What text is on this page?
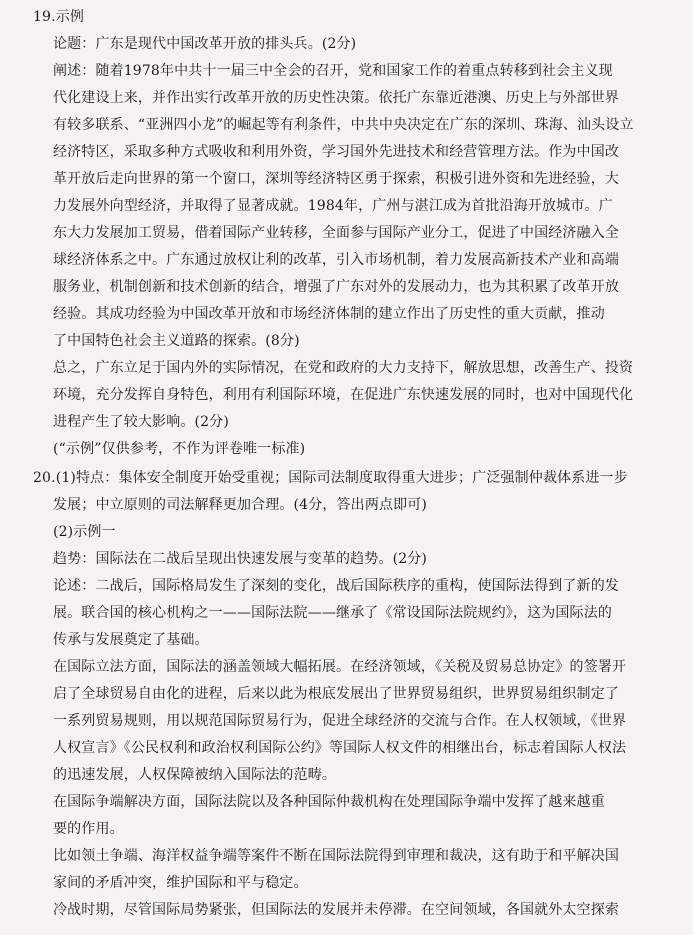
19.示例
论题：广东是现代中国改革开放的排头兵。(2分)
阐述：随着1978年中共十一届三中全会的召开，党和国家工作的着重点转移到社会主义现
代化建设上来，并作出实行改革开放的历史性决策。依托广东靠近港澳、历史上与外部世界
有较多联系、“亚洲四小龙”的崛起等有利条件，中共中央决定在广东的深圳、珠海、汕头设立
经济特区，采取多种方式吸收和利用外资，学习国外先进技术和经营管理方法。作为中国改
革开放后走向世界的第一个窗口，深圳等经济特区勇于探索，积极引进外资和先进经验，大
力发展外向型经济，并取得了显著成就。1984年，广州与湛江成为首批沿海开放城市。广
东大力发展加工贸易，借着国际产业转移，全面参与国际产业分工，促进了中国经济融入全
球经济体系之中。广东通过放权让利的改革，引入市场机制，着力发展高新技术产业和高端
服务业，机制创新和技术创新的结合，增强了广东对外的发展动力，也为其积累了改革开放
经验。其成功经验为中国改革开放和市场经济体制的建立作出了历史性的重大贡献，推动
了中国特色社会主义道路的探索。(8分)
总之，广东立足于国内外的实际情况，在党和政府的大力支持下，解放思想，改善生产、投资
环境，充分发挥自身特色，利用有利国际环境，在促进广东快速发展的同时，也对中国现代化
进程产生了较大影响。(2分)
(“示例”仅供参考，不作为评卷唯一标准)
20.(1)特点：集体安全制度开始受重视；国际司法制度取得重大进步；广泛强制仲裁体系进一步
发展；中立原则的司法解释更加合理。(4分，答出两点即可)
(2)示例一
趋势：国际法在二战后呈现出快速发展与变革的趋势。(2分)
论述：二战后，国际格局发生了深刻的变化，战后国际秩序的重构，使国际法得到了新的发
展。联合国的核心机构之一——国际法院——继承了《常设国际法院规约》，这为国际法的
传承与发展奠定了基础。
在国际立法方面，国际法的涵盖领域大幅拓展。在经济领域，《关税及贸易总协定》的签署开
启了全球贸易自由化的进程，后来以此为根底发展出了世界贸易组织，世界贸易组织制定了
一系列贸易规则，用以规范国际贸易行为，促进全球经济的交流与合作。在人权领域，《世界
人权宣言》《公民权利和政治权利国际公约》等国际人权文件的相继出台，标志着国际人权法
的迅速发展，人权保障被纳入国际法的范畴。
在国际争端解决方面，国际法院以及各种国际仲裁机构在处理国际争端中发挥了越来越重
要的作用。
比如领土争端、海洋权益争端等案件不断在国际法院得到审理和裁决，这有助于和平解决国
家间的矛盾冲突，维护国际和平与稳定。
冷战时期，尽管国际局势紧张，但国际法的发展并未停滞。在空间领域，各国就外太空探索
